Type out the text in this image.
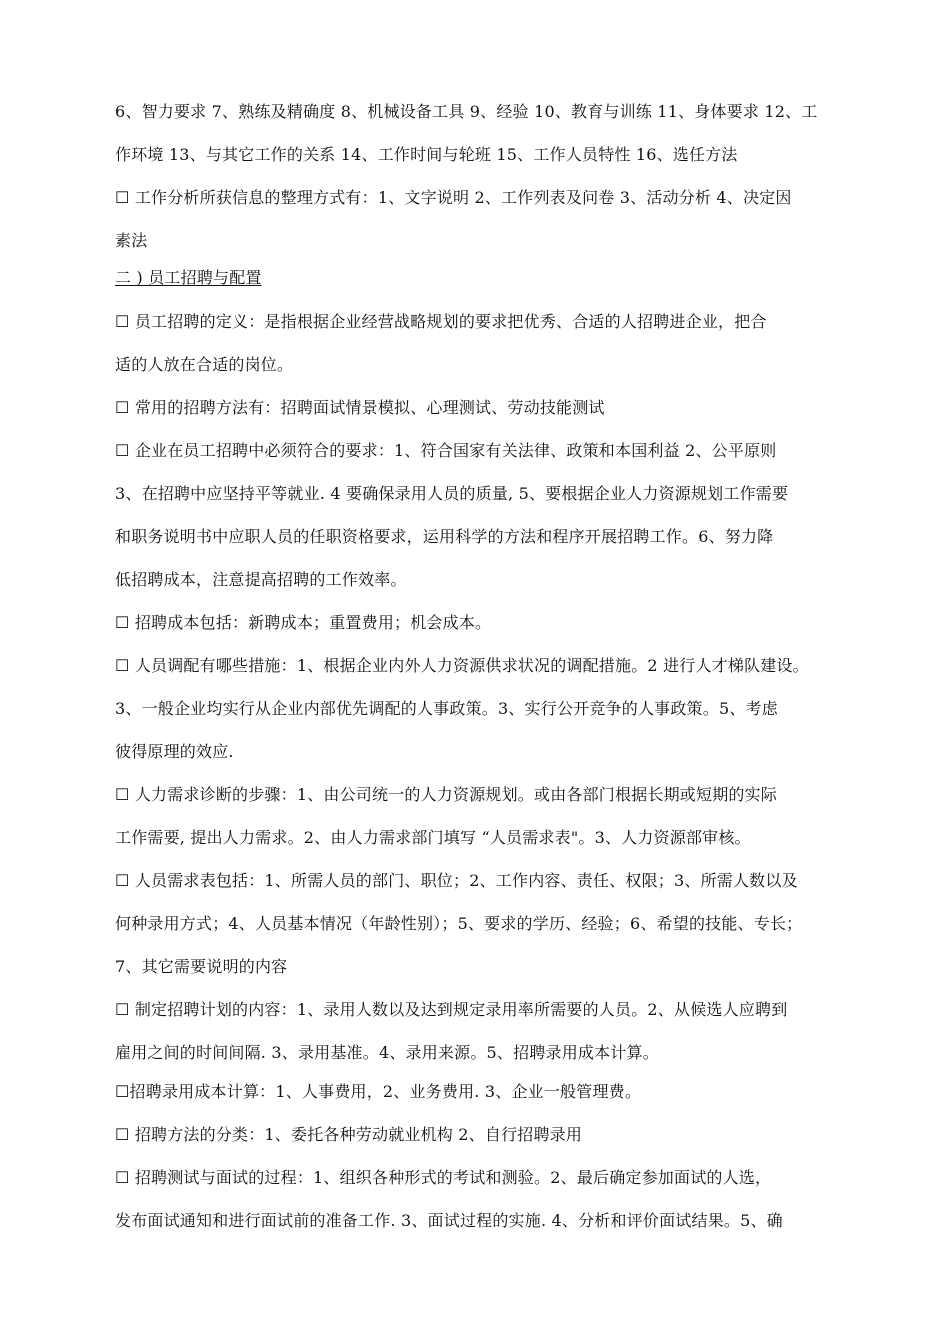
6、智力要求 7、熟练及精确度 8、机械设备工具 9、经验 10、教育与训练 11、身体要求 12、工

作环境 13、与其它工作的关系 14、工作时间与轮班 15、工作人员特性 16、选任方法

☐ 工作分析所获信息的整理方式有：1、文字说明 2、工作列表及问卷 3、活动分析 4、决定因

素法

二 ) 员工招聘与配置

☐ 员工招聘的定义：是指根据企业经营战略规划的要求把优秀、合适的人招聘进企业，把合

适的人放在合适的岗位。

☐ 常用的招聘方法有：招聘面试情景模拟、心理测试、劳动技能测试

☐ 企业在员工招聘中必须符合的要求：1、符合国家有关法律、政策和本国利益 2、公平原则

3、在招聘中应坚持平等就业. 4 要确保录用人员的质量, 5、要根据企业人力资源规划工作需要

和职务说明书中应职人员的任职资格要求，运用科学的方法和程序开展招聘工作。6、努力降

低招聘成本，注意提高招聘的工作效率。

☐ 招聘成本包括：新聘成本；重置费用；机会成本。

☐ 人员调配有哪些措施：1、根据企业内外人力资源供求状况的调配措施。2 进行人才梯队建设。

3、一般企业均实行从企业内部优先调配的人事政策。3、实行公开竞争的人事政策。5、考虑

彼得原理的效应.

☐ 人力需求诊断的步骤：1、由公司统一的人力资源规划。或由各部门根据长期或短期的实际

工作需要, 提出人力需求。2、由人力需求部门填写 “人员需求表"。3、人力资源部审核。

☐ 人员需求表包括：1、所需人员的部门、职位；2、工作内容、责任、权限；3、所需人数以及

何种录用方式；4、人员基本情况（年龄性别）；5、要求的学历、经验；6、希望的技能、专长；

7、其它需要说明的内容

☐ 制定招聘计划的内容：1、录用人数以及达到规定录用率所需要的人员。2、从候选人应聘到

雇用之间的时间间隔. 3、录用基准。4、录用来源。5、招聘录用成本计算。

☐招聘录用成本计算：1、人事费用，2、业务费用. 3、企业一般管理费。

☐ 招聘方法的分类：1、委托各种劳动就业机构 2、自行招聘录用

☐ 招聘测试与面试的过程：1、组织各种形式的考试和测验。2、最后确定参加面试的人选，

发布面试通知和进行面试前的准备工作. 3、面试过程的实施. 4、分析和评价面试结果。5、确
